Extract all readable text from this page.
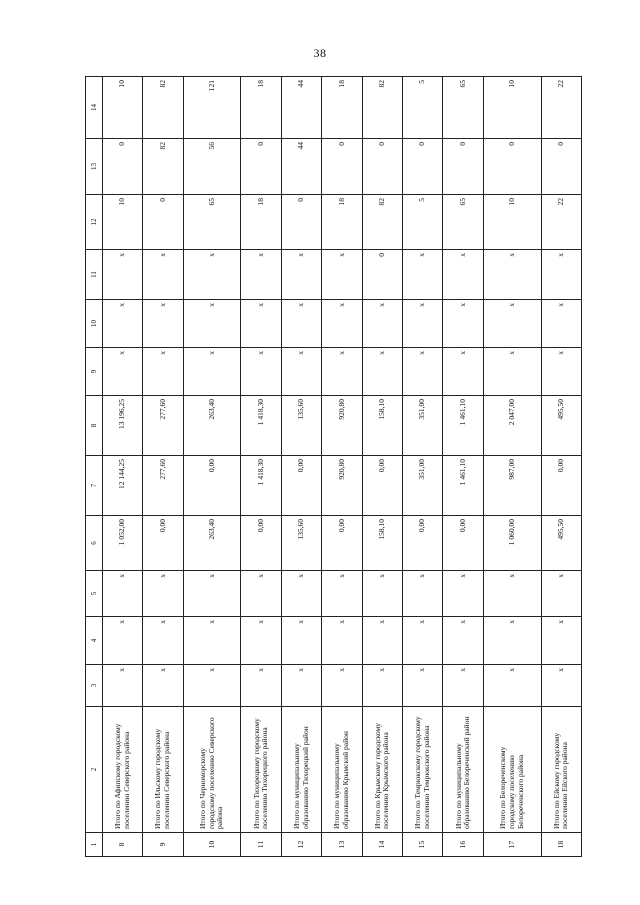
38
1	2	3	4	5	6	7	8	9	10	11	12	13	14
8	Итого по Афипскому городскому поселению Северского района	x	x	x	1 052,00	12 144,25	13 196,25	x	x	x	10	0	10
9	Итого по Ильскому городскому поселению Северского района	x	x	x	0,00	277,60	277,60	x	x	x	0	82	82
10	Итого по Черноморскому городскому поселению Северского района	x	x	x	263,40	0,00	263,40	x	x	x	65	56	121
11	Итого по Тихорецкому городскому поселению Тихорецкого района	x	x	x	0,00	1 418,30	1 418,30	x	x	x	18	0	18
12	Итого по муниципальному образованию Тихорецкий район	x	x	x	135,60	0,00	135,60	x	x	x	0	44	44
13	Итого по муниципальному образованию Крымский район	x	x	x	0,00	920,80	920,80	x	x	x	18	0	18
14	Итого по Крымскому городскому поселению Крымского района	x	x	x	158,10	0,00	158,10	x	x	0	82	0	82
15	Итого по Темрюкскому городскому поселению Темрюкского района	x	x	x	0,00	351,00	351,00	x	x	x	5	0	5
16	Итого по муниципальному образованию Белореченский район	x	x	x	0,00	1 461,10	1 461,10	x	x	x	65	0	65
17	Итого по Белореченскому городскому поселению Белореченского района	x	x	x	1 060,00	987,00	2 047,00	x	x	x	10	0	10
18	Итого по Ейскому городскому поселению Ейского района	x	x	x	495,50	0,00	495,50	x	x	x	22	0	22
